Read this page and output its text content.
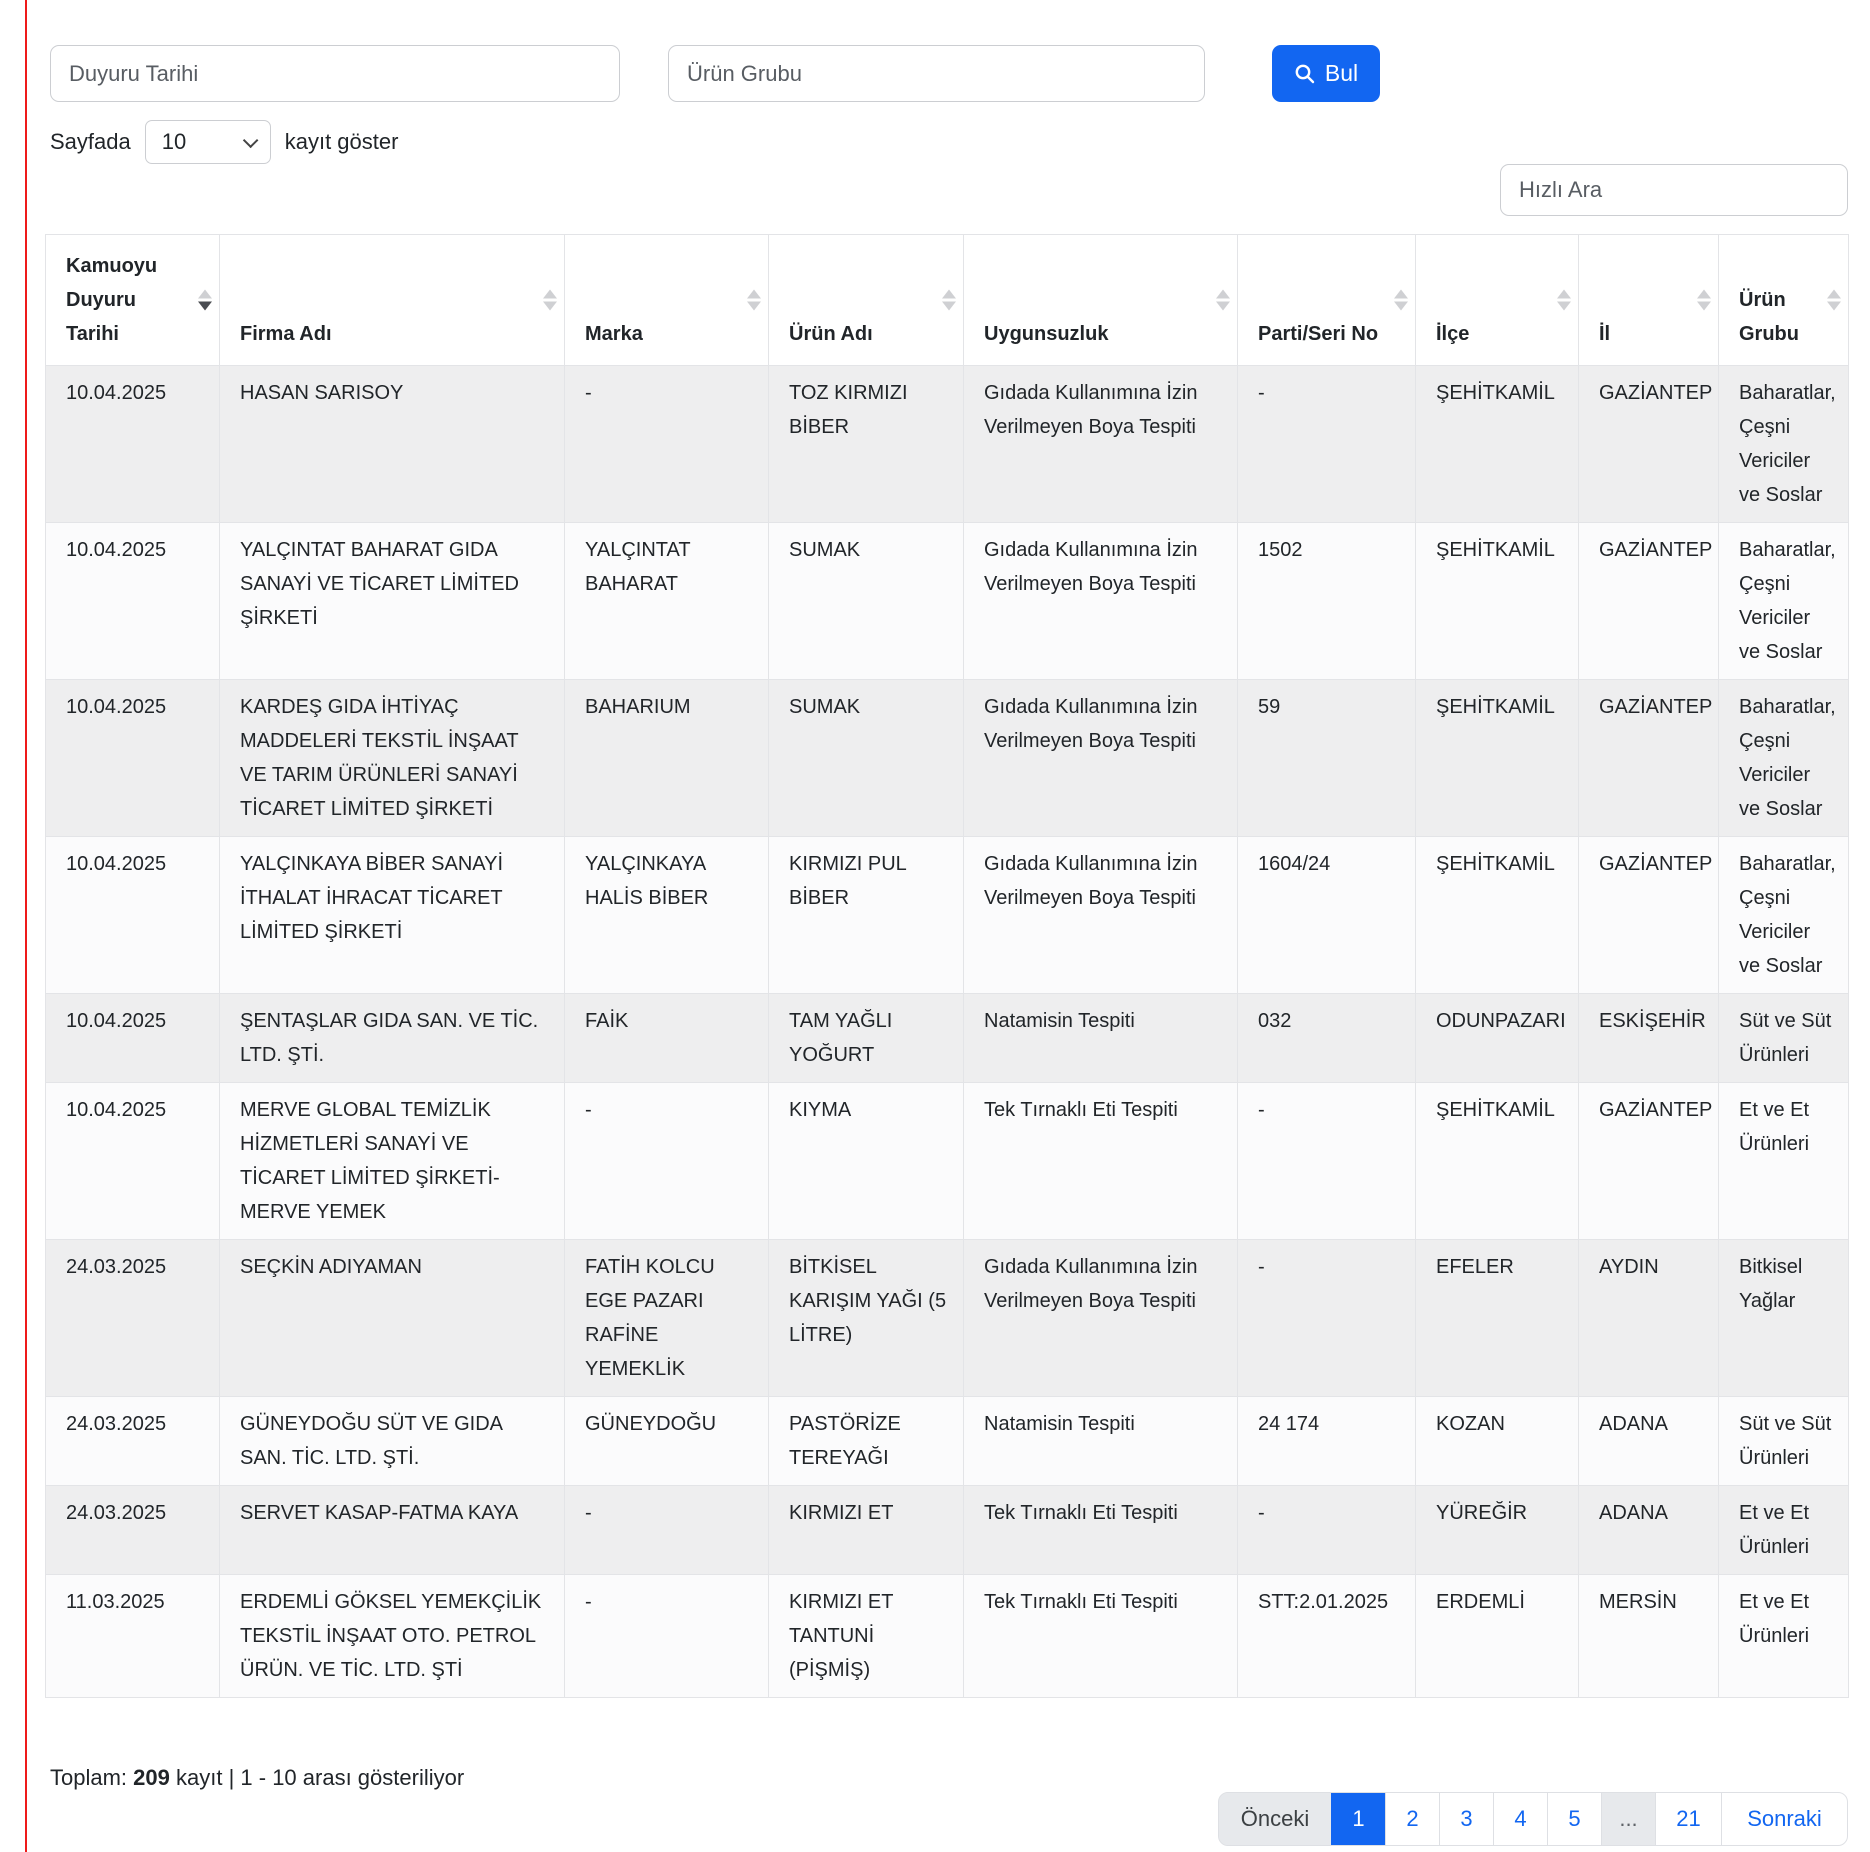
Duyuru Tarihi
Ürün Grubu
Bul
Sayfada 10	kayıt göster
Hızlı Ara
Kamuoyu Duyuru Tarihi	Firma Adı	Marka	Ürün Adı	Uygunsuzluk	Parti/Seri No	İlçe	İl	Ürün Grubu

10.04.2025	HASAN SARISOY	-	TOZ KIRMIZI BİBER	Gıdada Kullanımına İzin Verilmeyen Boya Tespiti	-	ŞEHİTKAMİL	GAZİANTEP	Baharatlar, Çeşni Vericiler ve Soslar
10.04.2025	YALÇINTAT BAHARAT GIDA SANAYİ VE TİCARET LİMİTED ŞİRKETİ	YALÇINTAT BAHARAT	SUMAK	Gıdada Kullanımına İzin Verilmeyen Boya Tespiti	1502	ŞEHİTKAMİL	GAZİANTEP	Baharatlar, Çeşni Vericiler ve Soslar
10.04.2025	KARDEŞ GIDA İHTİYAÇ MADDELERİ TEKSTİL İNŞAAT VE TARIM ÜRÜNLERİ SANAYİ TİCARET LİMİTED ŞİRKETİ	BAHARIUM	SUMAK	Gıdada Kullanımına İzin Verilmeyen Boya Tespiti	59	ŞEHİTKAMİL	GAZİANTEP	Baharatlar, Çeşni Vericiler ve Soslar
10.04.2025	YALÇINKAYA BİBER SANAYİ İTHALAT İHRACAT TİCARET LİMİTED ŞİRKETİ	YALÇINKAYA HALİS BİBER	KIRMIZI PUL BİBER	Gıdada Kullanımına İzin Verilmeyen Boya Tespiti	1604/24	ŞEHİTKAMİL	GAZİANTEP	Baharatlar, Çeşni Vericiler ve Soslar
10.04.2025	ŞENTAŞLAR GIDA SAN. VE TİC. LTD. ŞTİ.	FAİK	TAM YAĞLI YOĞURT	Natamisin Tespiti	032	ODUNPAZARI	ESKİŞEHİR	Süt ve Süt Ürünleri
10.04.2025	MERVE GLOBAL TEMİZLİK HİZMETLERİ SANAYİ VE TİCARET LİMİTED ŞİRKETİ-MERVE YEMEK	-	KIYMA	Tek Tırnaklı Eti Tespiti	-	ŞEHİTKAMİL	GAZİANTEP	Et ve Et Ürünleri
24.03.2025	SEÇKİN ADIYAMAN	FATİH KOLCU EGE PAZARI RAFİNE YEMEKLİK	BİTKİSEL KARIŞIM YAĞI (5 LİTRE)	Gıdada Kullanımına İzin Verilmeyen Boya Tespiti	-	EFELER	AYDIN	Bitkisel Yağlar
24.03.2025	GÜNEYDOĞU SÜT VE GIDA SAN. TİC. LTD. ŞTİ.	GÜNEYDOĞU	PASTÖRİZE TEREYAĞI	Natamisin Tespiti	24 174	KOZAN	ADANA	Süt ve Süt Ürünleri
24.03.2025	SERVET KASAP-FATMA KAYA	-	KIRMIZI ET	Tek Tırnaklı Eti Tespiti	-	YÜREĞİR	ADANA	Et ve Et Ürünleri
11.03.2025	ERDEMLİ GÖKSEL YEMEKÇİLİK TEKSTİL İNŞAAT OTO. PETROL ÜRÜN. VE TİC. LTD. ŞTİ	-	KIRMIZI ET TANTUNİ (PİŞMİŞ)	Tek Tırnaklı Eti Tespiti	STT:2.01.2025	ERDEMLİ	MERSİN	Et ve Et Ürünleri
Toplam: 209 kayıt | 1 - 10 arası gösteriliyor
Önceki	1	2	3	4	5	...	21	Sonraki
